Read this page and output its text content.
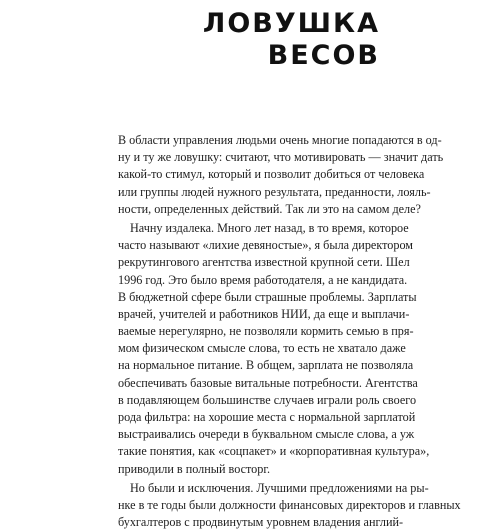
ЛОВУШКА
ВЕСОВ
В области управления людьми очень многие попадаются в од-
ну и ту же ловушку: считают, что мотивировать — значит дать
какой-то стимул, который и позволит добиться от человека
или группы людей нужного результата, преданности, лояль-
ности, определенных действий. Так ли это на самом деле?
Начну издалека. Много лет назад, в то время, которое
часто называют «лихие девяностые», я была директором
рекрутингового агентства известной крупной сети. Шел
1996 год. Это было время работодателя, а не кандидата.
В бюджетной сфере были страшные проблемы. Зарплаты
врачей, учителей и работников НИИ, да еще и выплачи-
ваемые нерегулярно, не позволяли кормить семью в пря-
мом физическом смысле слова, то есть не хватало даже
на нормальное питание. В общем, зарплата не позволяла
обеспечивать базовые витальные потребности. Агентства
в подавляющем большинстве случаев играли роль своего
рода фильтра: на хорошие места с нормальной зарплатой
выстраивались очереди в буквальном смысле слова, а уж
такие понятия, как «соцпакет» и «корпоративная культура»,
приводили в полный восторг.
Но были и исключения. Лучшими предложениями на ры-
нке в те годы были должности финансовых директоров и главных
бухгалтеров с продвинутым уровнем владения англий-
